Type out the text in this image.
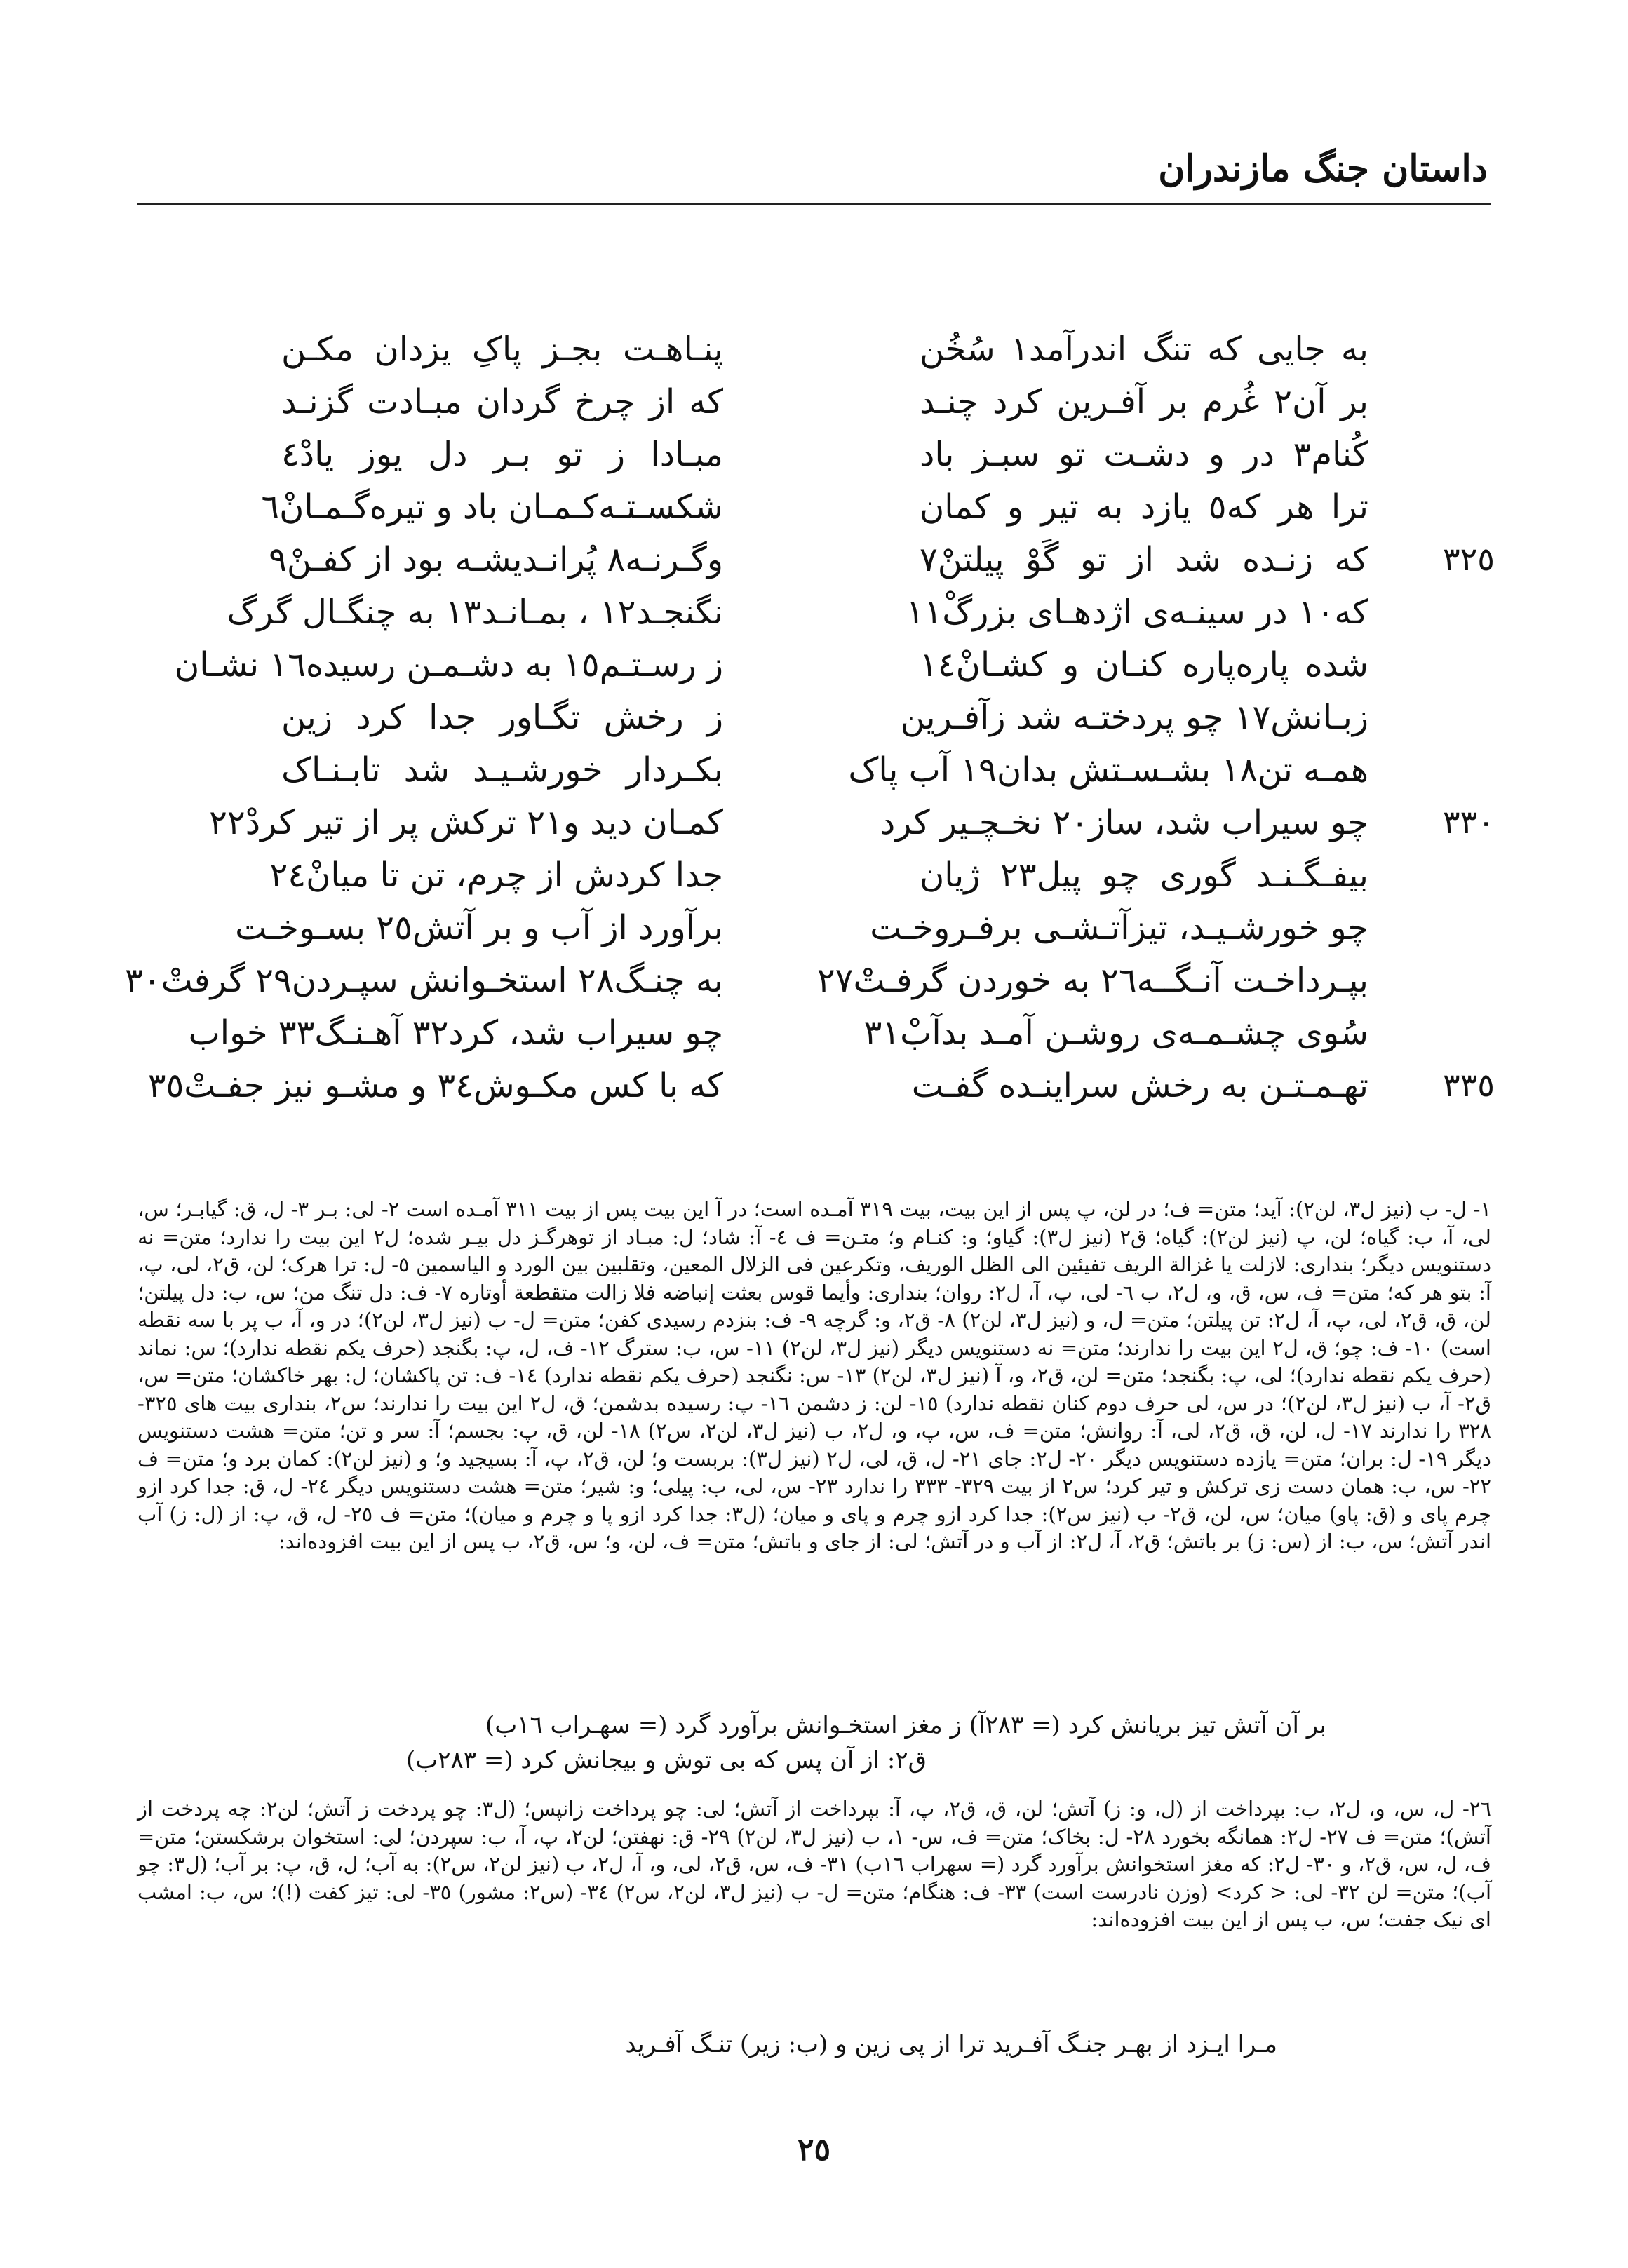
داستان جنگ مازندران
به جایی که تنگ اندرآمد١ سُخُن
پنـاهـت بجـز پاکِ یزدان مکـن
بر آن٢ غُرم بر آفـرین کرد چنـد
که از چرخ گردان مبـادت گزنـد
کُنام٣ در و دشـت تو سبـز باد
مبـادا ز تو بـر دل یوز یادْ٤
ترا هر که٥ یازد به تیر و کمان
شکسـتـه‌کـمـان باد و تیره‌گـمـانْ٦
٣٢٥
که زنـده شد از تو گَوْ پیلتنْ٧
وگـرنـه٨ پُرانـدیشـه بود از کفـنْ٩
که١٠ در سینـه‌ی اژدهـای بزرگْ١١
نگنجـد١٢ ، بمـانـد١٣ به چنگـال گرگ
شده پاره‌پاره کنـان و کشـانْ١٤
ز رسـتـم١٥ به دشـمـن رسیده١٦ نشـان
زبـانش١٧ چو پردختـه شد زآفـرین
ز رخش تگـاور جدا کرد زین
همـه تن١٨ بشـسـتش بدان١٩ آب پاک
بکـردار خورشـیـد شد تابـنـاک
٣٣٠
چو سیراب شد، ساز٢٠ نخـچـیر کرد
کمـان دید و٢١ ترکش پر از تیر کردْ٢٢
بیفـگـنـد گوری چو پیل٢٣ ژیان
جدا کردش از چرم، تن تا میانْ٢٤
چو خورشـیـد، تیزآتـشـی برفـروخـت
برآورد از آب و بر آتش٢٥ بسـوخـت
بپـرداخـت آنـگــه٢٦ به خوردن گرفـتْ٢٧
به چنـگ٢٨ استخـوانش سپـردن٢٩ گرفتْ٣٠
سُوی چشـمـه‌ی روشـن آمـد بدآبْ٣١
چو سیراب شد، کرد٣٢ آهـنـگ٣٣ خواب
٣٣٥
تهـمـتـن به رخش سراینـده گفـت
که با کس مکـوش٣٤ و مشـو نیز جفـتْ٣٥

١- ل- ب (نیز ل٣، لن٢): آید؛ متن= ف؛ در لن، پ پس از این بیت، بیت ٣١٩ آمـده است؛ در آ این بیت پس از بیت ٣١١ آمـده است ٢- لی: بـر ٣- ل، ق: گیابـر؛ س، لی، آ، ب: گیاه؛ لن، پ (نیز لن٢): گیاه؛ ق٢ (نیز ل٣): گیاو؛ و: کنـام و؛ متـن= ف ٤- آ: شاد؛ ل: مبـاد از توهرگـز دل بیـر شده؛ ل٢ این بیت را ندارد؛ متن= نه دستنویس دیگر؛ بنداری: لازلت یا غزالة الریف تفیئین الی الظل الوریف، وتکرعین فی الزلال المعین، وتقلبین بین الورد و الیاسمین ٥- ل: ترا هرک؛ لن، ق٢، لی، پ، آ: بتو هر که؛ متن= ف، س، ق، و، ل٢، ب ٦- لی، پ، آ، ل٢: روان؛ بنداری: وأیما قوس بعثت إنباضه فلا زالت متقطعة أوتاره ٧- ف: دل تنگ من؛ س، ب: دل پیلتن؛ لن، ق، ق٢، لی، پ، آ، ل٢: تن پیلتن؛ متن= ل، و (نیز ل٣، لن٢) ٨- ق٢، و: گرچه ٩- ف: بنزدم رسیدی کفن؛ متن= ل- ب (نیز ل٣، لن٢)؛ در و، آ، ب پر با سه نقطه است) ١٠- ف: چو؛ ق، ل٢ این بیت را ندارند؛ متن= نه دستنویس دیگر (نیز ل٣، لن٢) ١١- س، ب: سترگ ١٢- ف، ل، پ: بگنجد (حرف یکم نقطه ندارد)؛ س: نماند (حرف یکم نقطه ندارد)؛ لی، پ: بگنجد؛ متن= لن، ق٢، و، آ (نیز ل٣، لن٢) ١٣- س: نگنجد (حرف یکم نقطه ندارد) ١٤- ف: تن پاکشان؛ ل: بهر خاکشان؛ متن= س، ق٢- آ، ب (نیز ل٣، لن٢)؛ در س، لی حرف دوم کنان نقطه ندارد) ١٥- لن: ز دشمن ١٦- پ: رسیده بدشمن؛ ق، ل٢ این بیت را ندارند؛ س٢، بنداری بیت های ٣٢٥- ٣٢٨ را ندارند ١٧- ل، لن، ق، ق٢، لی، آ: روانش؛ متن= ف، س، پ، و، ل٢، ب (نیز ل٣، لن٢، س٢) ١٨- لن، ق، پ: بجسم؛ آ: سر و تن؛ متن= هشت دستنویس دیگر ١٩- ل: بران؛ متن= یازده دستنویس دیگر ٢٠- ل٢: جای ٢١- ل، ق، لی، ل٢ (نیز ل٣): بربست و؛ لن، ق٢، پ، آ: بسیجید و؛ و (نیز لن٢): کمان برد و؛ متن= ف ٢٢- س، ب: همان دست زی ترکش و تیر کرد؛ س٢ از بیت ٣٢٩- ٣٣٣ را ندارد ٢٣- س، لی، ب: پیلی؛ و: شیر؛ متن= هشت دستنویس دیگر ٢٤- ل، ق: جدا کرد ازو چرم پای و (ق: پاو) میان؛ س، لن، ق٢- ب (نیز س٢): جدا کرد ازو چرم و پای و میان؛ (ل٣: جدا کرد ازو پا و چرم و میان)؛ متن= ف ٢٥- ل، ق، پ: از (ل: ز) آب اندر آتش؛ س، ب: از (س: ز) بر باتش؛ ق٢، آ، ل٢: از آب و در آتش؛ لی: از جای و باتش؛ متن= ف، لن، و؛ س، ق٢، ب پس از این بیت افزوده‌اند:

بر آن آتش تیز بریانش کرد (= ٢٨٣آ) ز مغز استخـوانش برآورد گرد (= سهـراب ١٦ب)
ق٢: از آن پس که بی توش و بیجانش کرد (= ٢٨٣ب)

٢٦- ل، س، و، ل٢، ب: بپرداخت از (ل، و: ز) آتش؛ لن، ق، ق٢، پ، آ: بپرداخت از آتش؛ لی: چو پرداخت زانپس؛ (ل٣: چو پردخت ز آتش؛ لن٢: چه پردخت از آتش)؛ متن= ف ٢٧- ل٢: همانگه بخورد ٢٨- ل: بخاک؛ متن= ف، س- ١، ب (نیز ل٣، لن٢) ٢٩- ق: نهفتن؛ لن٢، پ، آ، ب: سپردن؛ لی: استخوان برشکستن؛ متن= ف، ل، س، ق٢، و ٣٠- ل٢: که مغز استخوانش برآورد گرد (= سهراب ١٦ب) ٣١- ف، س، ق٢، لی، و، آ، ل٢، ب (نیز لن٢، س٢): به آب؛ ل، ق، پ: بر آب؛ (ل٣: چو آب)؛ متن= لن ٣٢- لی: < کرد> (وزن نادرست است) ٣٣- ف: هنگام؛ متن= ل- ب (نیز ل٣، لن٢، س٢) ٣٤- (س٢: مشور) ٣٥- لی: تیز کفت (!)؛ س، ب: امشب ای نیک جفت؛ س، ب پس از این بیت افزوده‌اند:

مـرا ایـزد از بهـر جنـگ آفـرید ترا از پی زین و (ب: زیر) تنـگ آفـرید
٢٥
